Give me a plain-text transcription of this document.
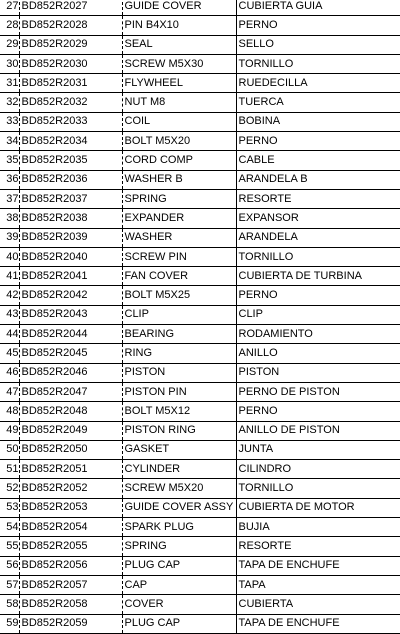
27	BD852R2027	GUIDE COVER	CUBIERTA GUIA
28	BD852R2028	PIN B4X10	PERNO
29	BD852R2029	SEAL	SELLO
30	BD852R2030	SCREW M5X30	TORNILLO
31	BD852R2031	FLYWHEEL	RUEDECILLA
32	BD852R2032	NUT M8	TUERCA
33	BD852R2033	COIL	BOBINA
34	BD852R2034	BOLT M5X20	PERNO
35	BD852R2035	CORD COMP	CABLE
36	BD852R2036	WASHER B	ARANDELA B
37	BD852R2037	SPRING	RESORTE
38	BD852R2038	EXPANDER	EXPANSOR
39	BD852R2039	WASHER	ARANDELA
40	BD852R2040	SCREW PIN	TORNILLO
41	BD852R2041	FAN COVER	CUBIERTA DE TURBINA
42	BD852R2042	BOLT M5X25	PERNO
43	BD852R2043	CLIP	CLIP
44	BD852R2044	BEARING	RODAMIENTO
45	BD852R2045	RING	ANILLO
46	BD852R2046	PISTON	PISTON
47	BD852R2047	PISTON PIN	PERNO DE PISTON
48	BD852R2048	BOLT M5X12	PERNO
49	BD852R2049	PISTON RING	ANILLO DE PISTON
50	BD852R2050	GASKET	JUNTA
51	BD852R2051	CYLINDER	CILINDRO
52	BD852R2052	SCREW M5X20	TORNILLO
53	BD852R2053	GUIDE COVER ASSY	CUBIERTA DE MOTOR
54	BD852R2054	SPARK PLUG	BUJIA
55	BD852R2055	SPRING	RESORTE
56	BD852R2056	PLUG CAP	TAPA DE ENCHUFE
57	BD852R2057	CAP	TAPA
58	BD852R2058	COVER	CUBIERTA
59	BD852R2059	PLUG CAP	TAPA DE ENCHUFE
